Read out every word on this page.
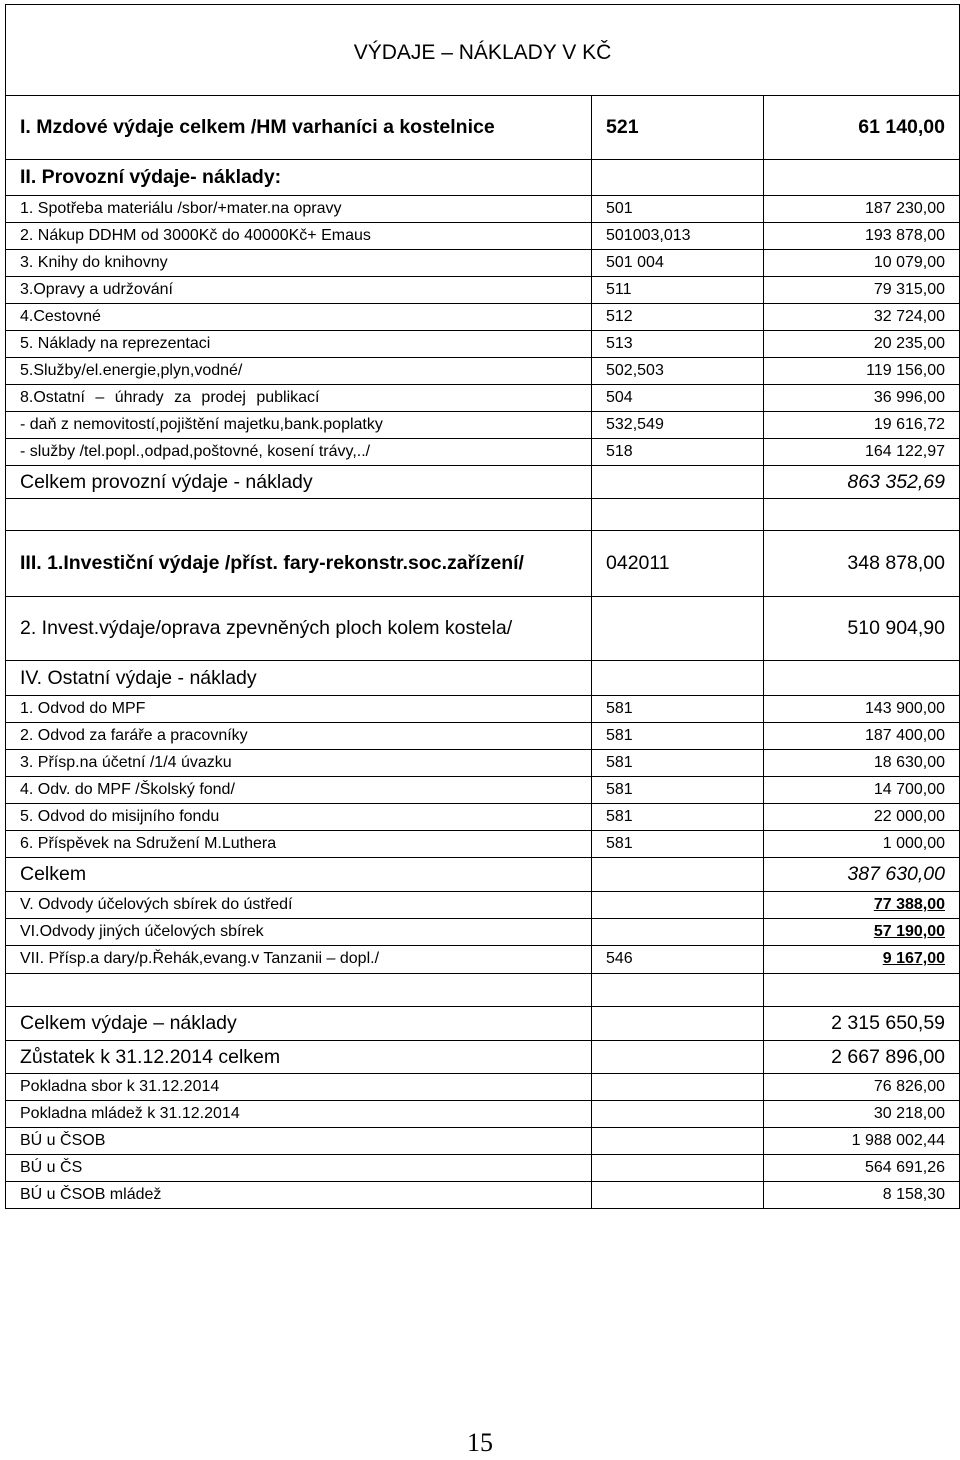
VÝDAJE – NÁKLADY V KČ		
I. Mzdové výdaje celkem /HM varhaníci a kostelnice	521	61 140,00
II. Provozní výdaje- náklady:		
1. Spotřeba materiálu /sbor/+mater.na opravy	501	187 230,00
2. Nákup DDHM od 3000Kč do 40000Kč+ Emaus	501003,013	193 878,00
3. Knihy do knihovny	501 004	10 079,00
3.Opravy a udržování	511	79 315,00
4.Cestovné	512	32 724,00
5. Náklady na reprezentaci	513	20 235,00
5.Služby/el.energie,plyn,vodné/	502,503	119 156,00
8.Ostatní – úhrady za prodej publikací	504	36 996,00
- daň z nemovitostí,pojištění majetku,bank.poplatky	532,549	19 616,72
- služby /tel.popl.,odpad,poštovné, kosení trávy,../	518	164 122,97
Celkem provozní výdaje - náklady		863 352,69

III. 1.Investiční výdaje /příst. fary-rekonstr.soc.zařízení/	042011	348 878,00
2. Invest.výdaje/oprava zpevněných ploch kolem kostela/		510 904,90
IV. Ostatní výdaje - náklady		
1. Odvod do MPF	581	143 900,00
2. Odvod za faráře a pracovníky	581	187 400,00
3. Přísp.na účetní /1/4 úvazku	581	18 630,00
4. Odv. do MPF /Školský fond/	581	14 700,00
5. Odvod do misijního fondu	581	22 000,00
6. Příspěvek na Sdružení M.Luthera	581	1 000,00
Celkem		387 630,00
V. Odvody účelových sbírek do ústředí		77 388,00
VI.Odvody jiných účelových sbírek		57 190,00
VII. Přísp.a dary/p.Řehák,evang.v Tanzanii – dopl./	546	9 167,00

Celkem výdaje – náklady		2 315 650,59
Zůstatek k 31.12.2014 celkem		2 667 896,00
Pokladna sbor k 31.12.2014		76 826,00
Pokladna mládež k 31.12.2014		30 218,00
BÚ u ČSOB		1 988 002,44
BÚ u ČS		564 691,26
BÚ u ČSOB mládež		8 158,30
15
